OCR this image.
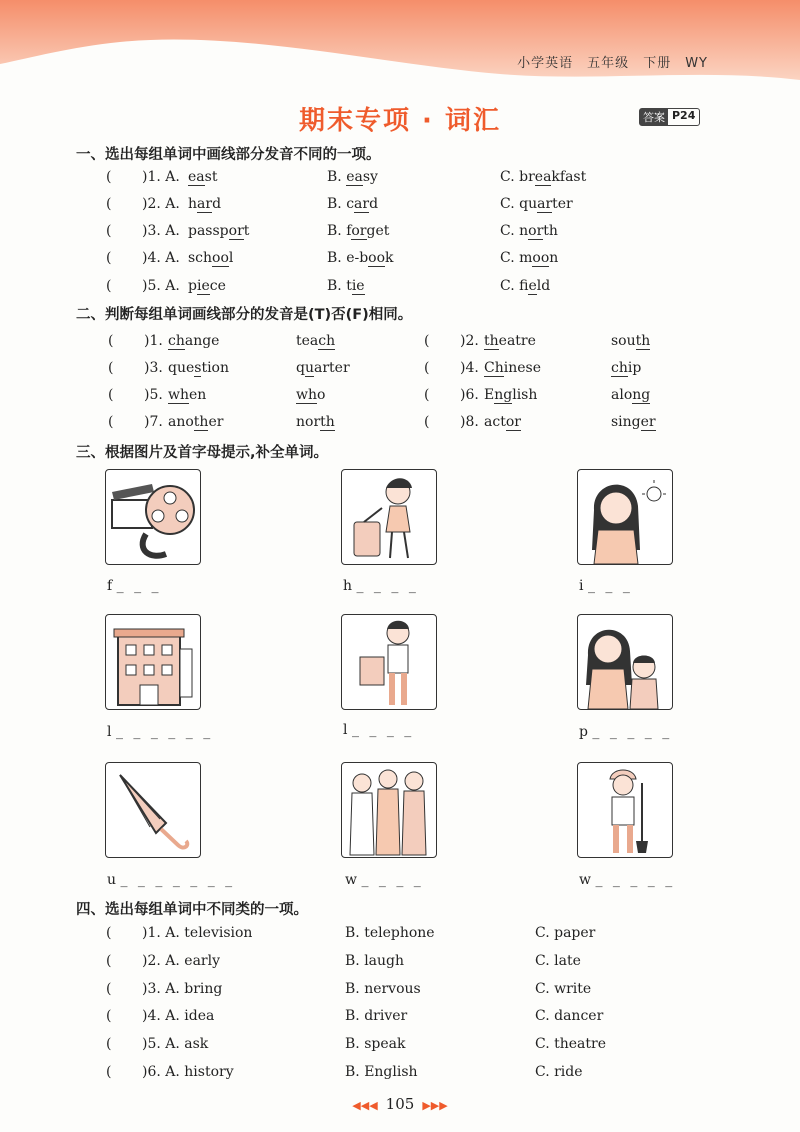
小学英语 五年级 下册 WY
期末专项 · 词汇	答案 P24
一、选出每组单词中画线部分发音不同的一项。
( )1. A. east	B. easy	C. breakfast
( )2. A. hard	B. card	C. quarter
( )3. A. passport	B. forget	C. north
( )4. A. school	B. e-book	C. moon
( )5. A. piece	B. tie	C. field
二、判断每组单词画线部分的发音是(T)否(F)相同。
( )1. change	teach	( )2. theatre	south
( )3. question	quarter	( )4. Chinese	chip
( )5. when	who	( )6. English	along
( )7. another	north	( )8. actor	singer
三、根据图片及首字母提示,补全单词。
f _ _ _	h _ _ _ _	i _ _ _
l _ _ _ _ _ _	l _ _ _ _	p _ _ _ _ _
u _ _ _ _ _ _ _	w _ _ _ _	w _ _ _ _ _
四、选出每组单词中不同类的一项。
( )1. A. television	B. telephone	C. paper
( )2. A. early	B. laugh	C. late
( )3. A. bring	B. nervous	C. write
( )4. A. idea	B. driver	C. dancer
( )5. A. ask	B. speak	C. theatre
( )6. A. history	B. English	C. ride
◀◀◀ 105 ▶▶▶
